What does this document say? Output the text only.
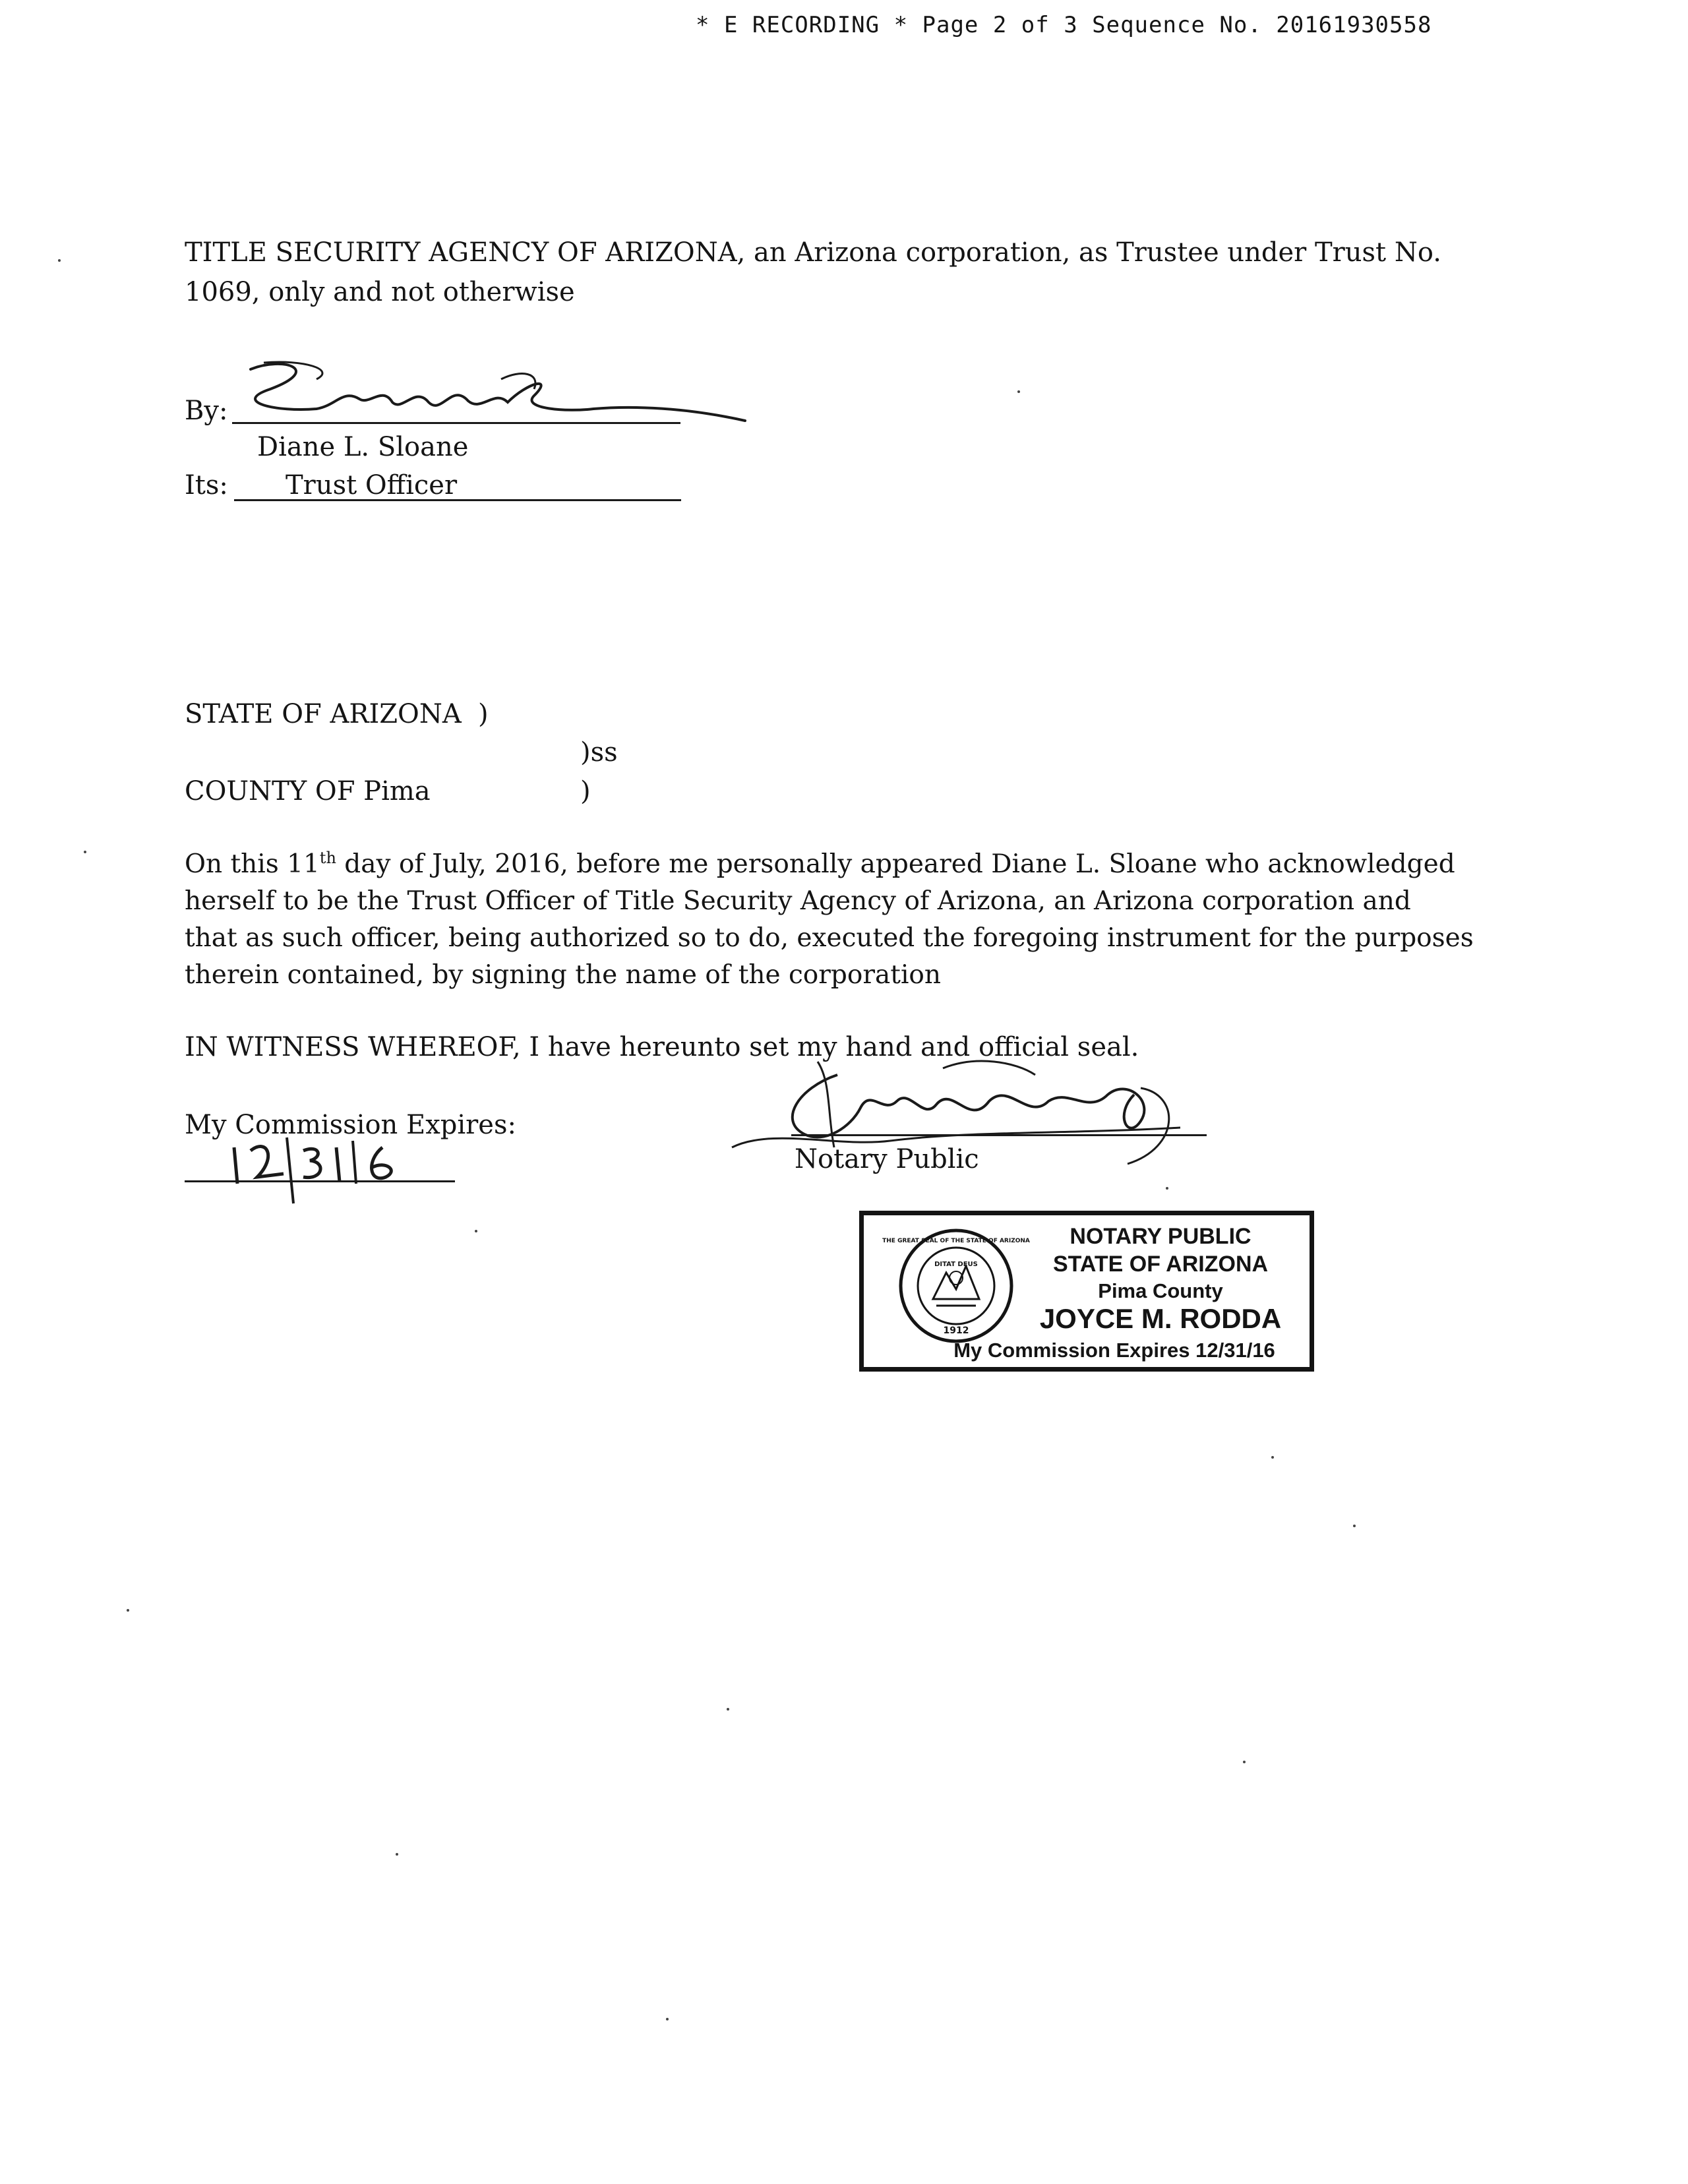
* E RECORDING * Page 2 of 3 Sequence No. 20161930558
TITLE SECURITY AGENCY OF ARIZONA, an Arizona corporation, as Trustee under Trust No.
1069, only and not otherwise
By:
Diane L. Sloane
Its: Trust Officer
STATE OF ARIZONA )
)ss
COUNTY OF Pima	)
On this 11th day of July, 2016, before me personally appeared Diane L. Sloane who acknowledged
herself to be the Trust Officer of Title Security Agency of Arizona, an Arizona corporation and
that as such officer, being authorized so to do, executed the foregoing instrument for the purposes
therein contained, by signing the name of the corporation
IN WITNESS WHEREOF, I have hereunto set my hand and official seal.
My Commission Expires:
Notary Public
DITAT DEUS
1912
THE GREAT SEAL OF THE STATE OF ARIZONA	NOTARY PUBLIC
STATE OF ARIZONA
Pima County
JOYCE M. RODDA
My Commission Expires 12/31/16
